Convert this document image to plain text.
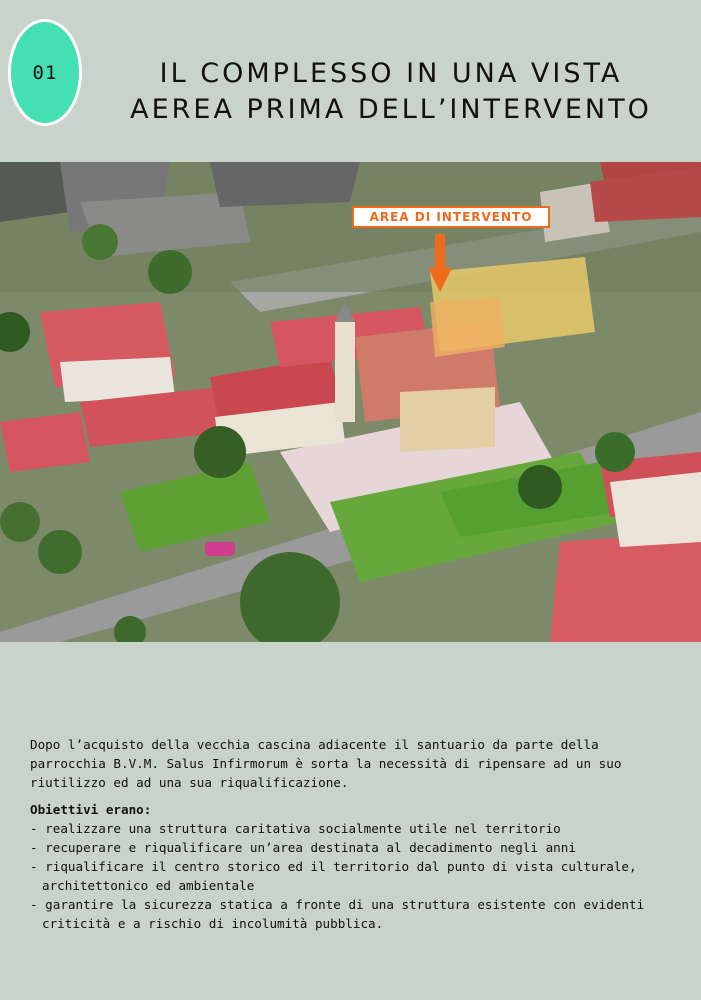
01	IL COMPLESSO IN UNA VISTA
AEREA PRIMA DELL’INTERVENTO
AREA DI INTERVENTO

Dopo l’acquisto della vecchia cascina adiacente il santuario da parte della parrocchia B.V.M. Salus Infirmorum è sorta la necessità di ripensare ad un suo riutilizzo ed ad una sua riqualificazione.

Obiettivi erano:

- realizzare una struttura caritativa socialmente utile nel territorio
- recuperare e riqualificare un’area destinata al decadimento negli anni
- riqualificare il centro storico ed il territorio dal punto di vista culturale, architettonico ed ambientale
- garantire la sicurezza statica a fronte di una struttura esistente con evidenti criticità e a rischio di incolumità pubblica.
